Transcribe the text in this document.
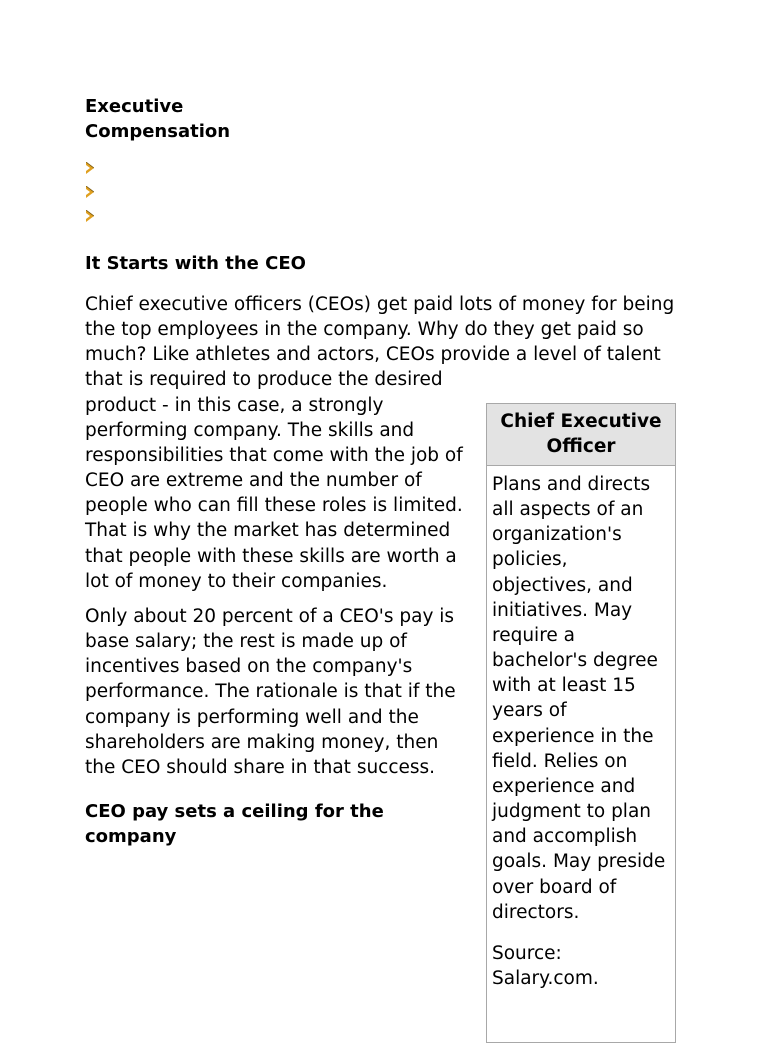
Executive Compensation
It Starts with the CEO

Chief executive officers (CEOs) get paid lots of money for being the top employees in the company. Why do they get paid so much? Like athletes and actors, CEOs provide a level of talent that is required to produce the desired

product - in this case, a strongly performing company. The skills and responsibilities that come with the job of CEO are extreme and the number of people who can fill these roles is limited. That is why the market has determined that people with these skills are worth a lot of money to their companies.

Only about 20 percent of a CEO's pay is base salary; the rest is made up of incentives based on the company's performance. The rationale is that if the company is performing well and the shareholders are making money, then the CEO should share in that success.

CEO pay sets a ceiling for the company

Chief Executive Officer

Plans and directs all aspects of an organization's policies, objectives, and initiatives. May require a bachelor's degree with at least 15 years of experience in the field. Relies on experience and judgment to plan and accomplish goals. May preside over board of directors.

Source: Salary.com.
